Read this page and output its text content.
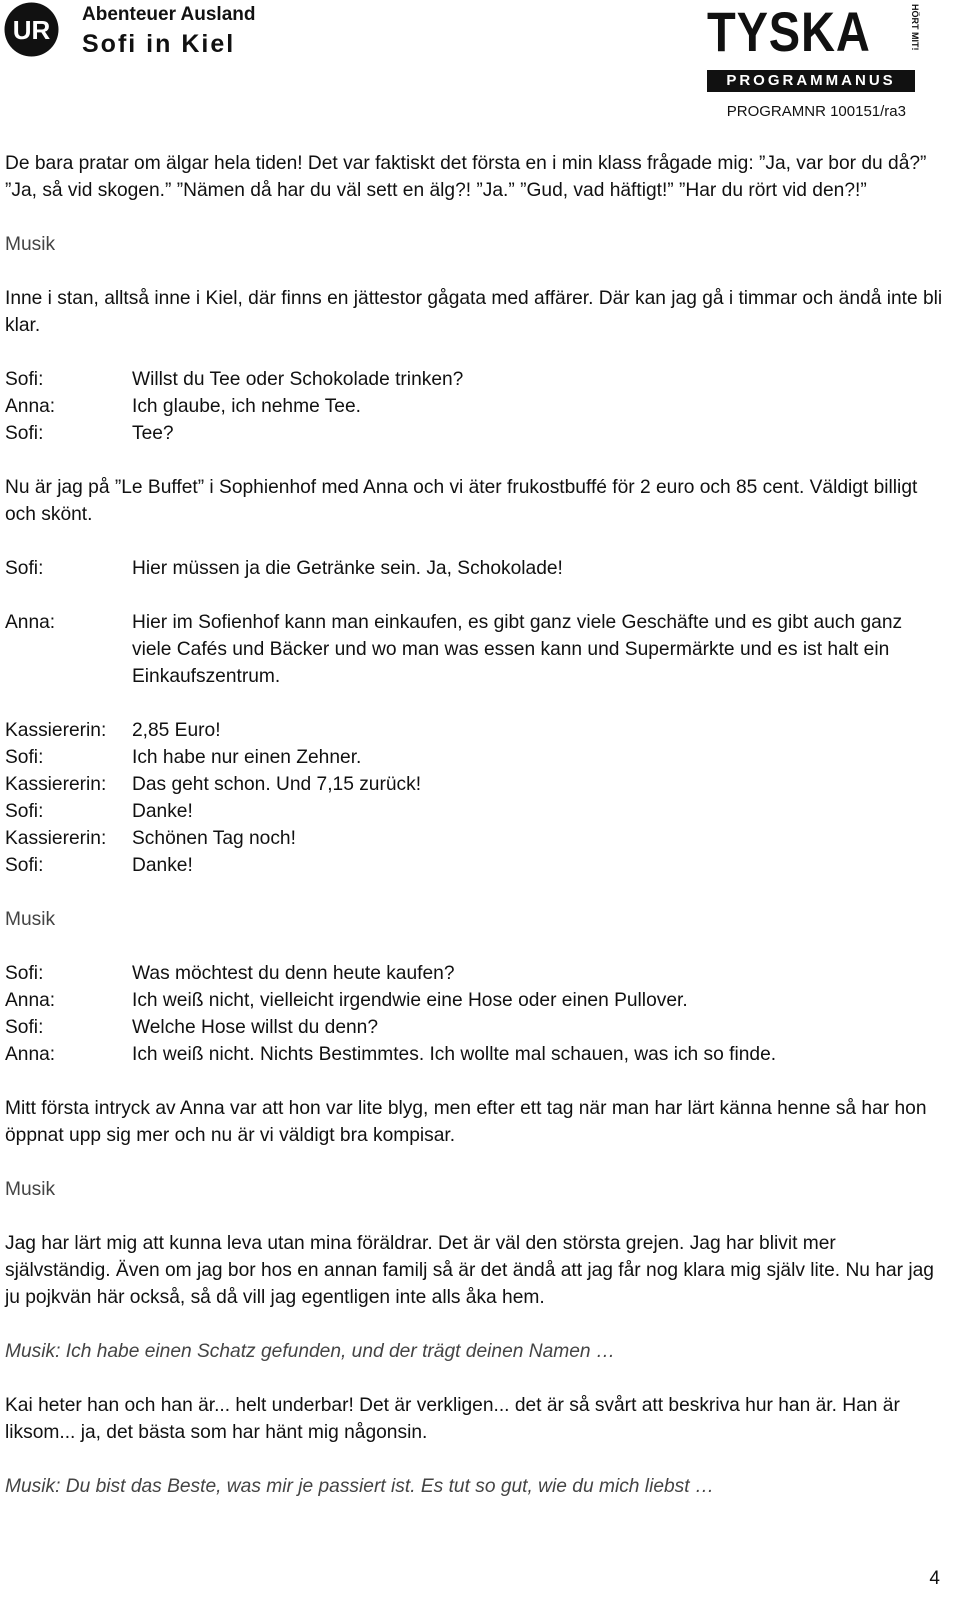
UR
Abenteuer Ausland
Sofi in Kiel	TYSKA	HÖRT MIT!
PROGRAMMANUS
PROGRAMNR 100151/ra3

De bara pratar om älgar hela tiden! Det var faktiskt det första en i min klass frågade mig: ”Ja, var bor du då?” ”Ja, så vid skogen.” ”Nämen då har du väl sett en älg?! ”Ja.” ”Gud, vad häftigt!” ”Har du rört vid den?!”

Musik

Inne i stan, alltså inne i Kiel, där finns en jättestor gågata med affärer. Där kan jag gå i timmar och ändå inte bli klar.

Sofi:	Willst du Tee oder Schokolade trinken?
Anna:	Ich glaube, ich nehme Tee.
Sofi:	Tee?

Nu är jag på ”Le Buffet” i Sophienhof med Anna och vi äter frukostbuffé för 2 euro och 85 cent. Väldigt billigt och skönt.

Sofi:	Hier müssen ja die Getränke sein. Ja, Schokolade!
Anna:	Hier im Sofienhof kann man einkaufen, es gibt ganz viele Geschäfte und es gibt auch ganz viele Cafés und Bäcker und wo man was essen kann und Supermärkte und es ist halt ein Einkaufszentrum.
Kassiererin:	2,85 Euro!
Sofi:	Ich habe nur einen Zehner.
Kassiererin:	Das geht schon. Und 7,15 zurück!
Sofi:	Danke!
Kassiererin:	Schönen Tag noch!
Sofi:	Danke!

Musik

Sofi:	Was möchtest du denn heute kaufen?
Anna:	Ich weiß nicht, vielleicht irgendwie eine Hose oder einen Pullover.
Sofi:	Welche Hose willst du denn?
Anna:	Ich weiß nicht. Nichts Bestimmtes. Ich wollte mal schauen, was ich so finde.

Mitt första intryck av Anna var att hon var lite blyg, men efter ett tag när man har lärt känna henne så har hon öppnat upp sig mer och nu är vi väldigt bra kompisar.

Musik

Jag har lärt mig att kunna leva utan mina föräldrar. Det är väl den största grejen. Jag har blivit mer självständig. Även om jag bor hos en annan familj så är det ändå att jag får nog klara mig själv lite. Nu har jag ju pojkvän här också, så då vill jag egentligen inte alls åka hem.

Musik: Ich habe einen Schatz gefunden, und der trägt deinen Namen …

Kai heter han och han är... helt underbar! Det är verkligen... det är så svårt att beskriva hur han är. Han är liksom... ja, det bästa som har hänt mig någonsin.

Musik: Du bist das Beste, was mir je passiert ist. Es tut so gut, wie du mich liebst …

4
